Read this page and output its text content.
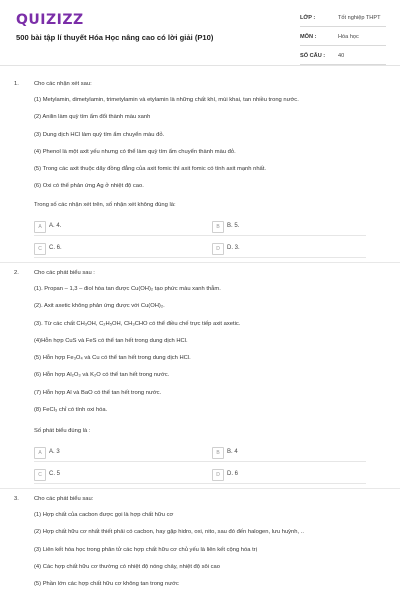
QUIZIZZ
500 bài tập lí thuyết Hóa Học nâng cao có lời giải (P10)
LỚP :	Tốt nghiệp THPT
MÔN :	Hóa học
SỐ CÂU : 40
1.	Cho các nhận xét sau:
(1) Metylamin, dimetylamin, trimetylamin và etylamin là những chất khí, mùi khai, tan nhiều trong nước.
(2) Anilin làm quỳ tím ẩm đổi thành màu xanh
(3) Dung dịch HCl làm quỳ tím ẩm chuyển màu đỏ.
(4) Phenol là một axit yếu nhưng có thể làm quỳ tím ẩm chuyển thành màu đỏ.
(5) Trong các axit thuộc dãy đồng đẳng của axit fomic thì axit fomic có tính axit mạnh nhất.
(6) Oxi có thể phản ứng Ag ở nhiệt độ cao.
Trong số các nhận xét trên, số nhận xét không đúng là:
A	A. 4.	B	B. 5.
C	C. 6.	D	D. 3.
2.	Cho các phát biểu sau :
(1). Propan – 1,3 – điol hòa tan được Cu(OH)₂ tạo phức màu xanh thẫm.
(2). Axit axetic không phản ứng được với Cu(OH)₂.
(3). Từ các chất CH₃OH, C₂H₅OH, CH₃CHO có thể điều chế trực tiếp axit axetic.
(4)Hỗn hợp CuS và FeS có thể tan hết trong dung dịch HCl.
(5) Hỗn hợp Fe₃O₄ và Cu có thể tan hết trong dung dịch HCl.
(6) Hỗn hợp Al₂O₃ và K₂O có thể tan hết trong nước.
(7) Hỗn hợp Al và BaO có thể tan hết trong nước.
(8) FeCl₃ chỉ có tính oxi hóa.
Số phát biểu đúng là :
A	A. 3	B	B. 4
C	C. 5	D	D. 6
3.	Cho các phát biểu sau:
(1) Hợp chất của cacbon được gọi là hợp chất hữu cơ
(2) Hợp chất hữu cơ nhất thiết phải có cacbon, hay gặp hidro, oxi, nito, sau đó đến halogen, lưu huỳnh, ..
(3) Liên kết hóa học trong phân tử các hợp chất hữu cơ chủ yếu là liên kết cộng hóa trị
(4) Các hợp chất hữu cơ thường có nhiệt độ nóng chảy, nhiệt độ sôi cao
(5) Phần lớn các hợp chất hữu cơ không tan trong nước
